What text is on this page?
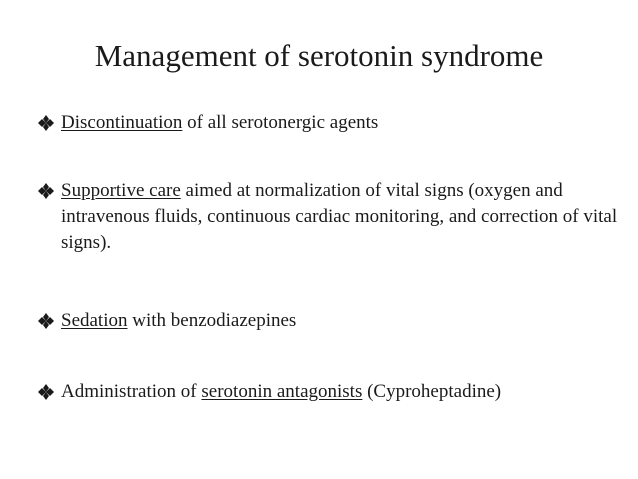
Management of serotonin syndrome
Discontinuation of all serotonergic agents
Supportive care aimed at normalization of vital signs (oxygen and intravenous fluids, continuous cardiac monitoring, and correction of vital signs).
Sedation with benzodiazepines
Administration of serotonin antagonists (Cyproheptadine)
